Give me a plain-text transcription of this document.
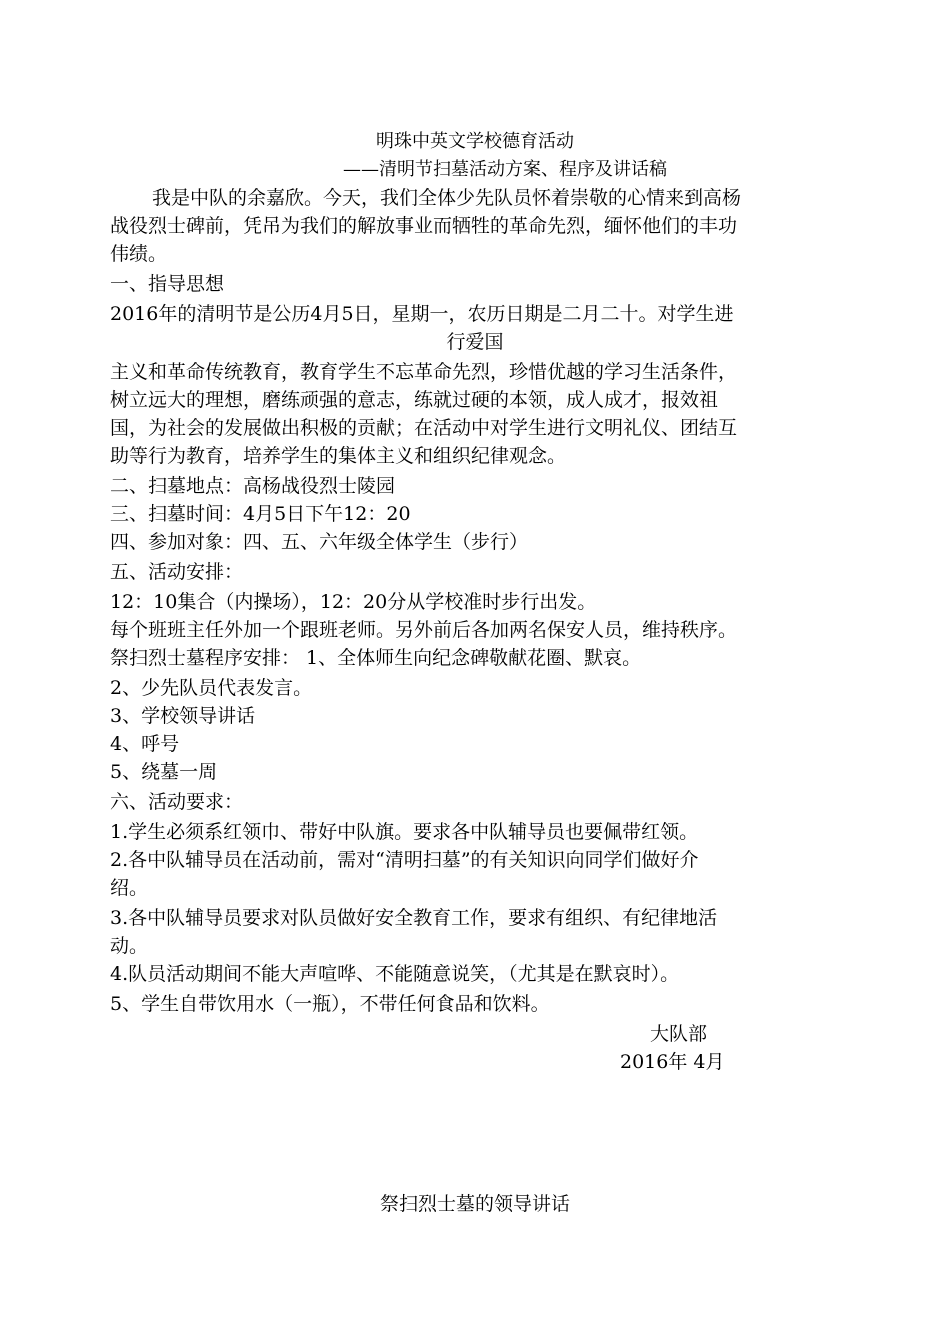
明珠中英文学校德育活动
——清明节扫墓活动方案、程序及讲话稿
我是中队的余嘉欣。今天，我们全体少先队员怀着崇敬的心情来到高杨
战役烈士碑前，凭吊为我们的解放事业而牺牲的革命先烈，缅怀他们的丰功
伟绩。
一、指导思想
2016年的清明节是公历4月5日，星期一，农历日期是二月二十。对学生进
行爱国
主义和革命传统教育，教育学生不忘革命先烈，珍惜优越的学习生活条件，
树立远大的理想，磨练顽强的意志，练就过硬的本领，成人成才，报效祖
国，为社会的发展做出积极的贡献；在活动中对学生进行文明礼仪、团结互
助等行为教育，培养学生的集体主义和组织纪律观念。
二、扫墓地点：高杨战役烈士陵园
三、扫墓时间：4月5日下午12：20
四、参加对象：四、五、六年级全体学生（步行）
五、活动安排：
12：10集合（内操场），12：20分从学校准时步行出发。
每个班班主任外加一个跟班老师。另外前后各加两名保安人员，维持秩序。
祭扫烈士墓程序安排： 1、全体师生向纪念碑敬献花圈、默哀。
2、少先队员代表发言。
3、学校领导讲话
4、呼号
5、绕墓一周
六、活动要求：
1.学生必须系红领巾、带好中队旗。要求各中队辅导员也要佩带红领。
2.各中队辅导员在活动前，需对“清明扫墓”的有关知识向同学们做好介
绍。
3.各中队辅导员要求对队员做好安全教育工作，要求有组织、有纪律地活
动。
4.队员活动期间不能大声喧哗、不能随意说笑，（尤其是在默哀时）。
5、学生自带饮用水（一瓶），不带任何食品和饮料。
大队部
2016年 4月
祭扫烈士墓的领导讲话
